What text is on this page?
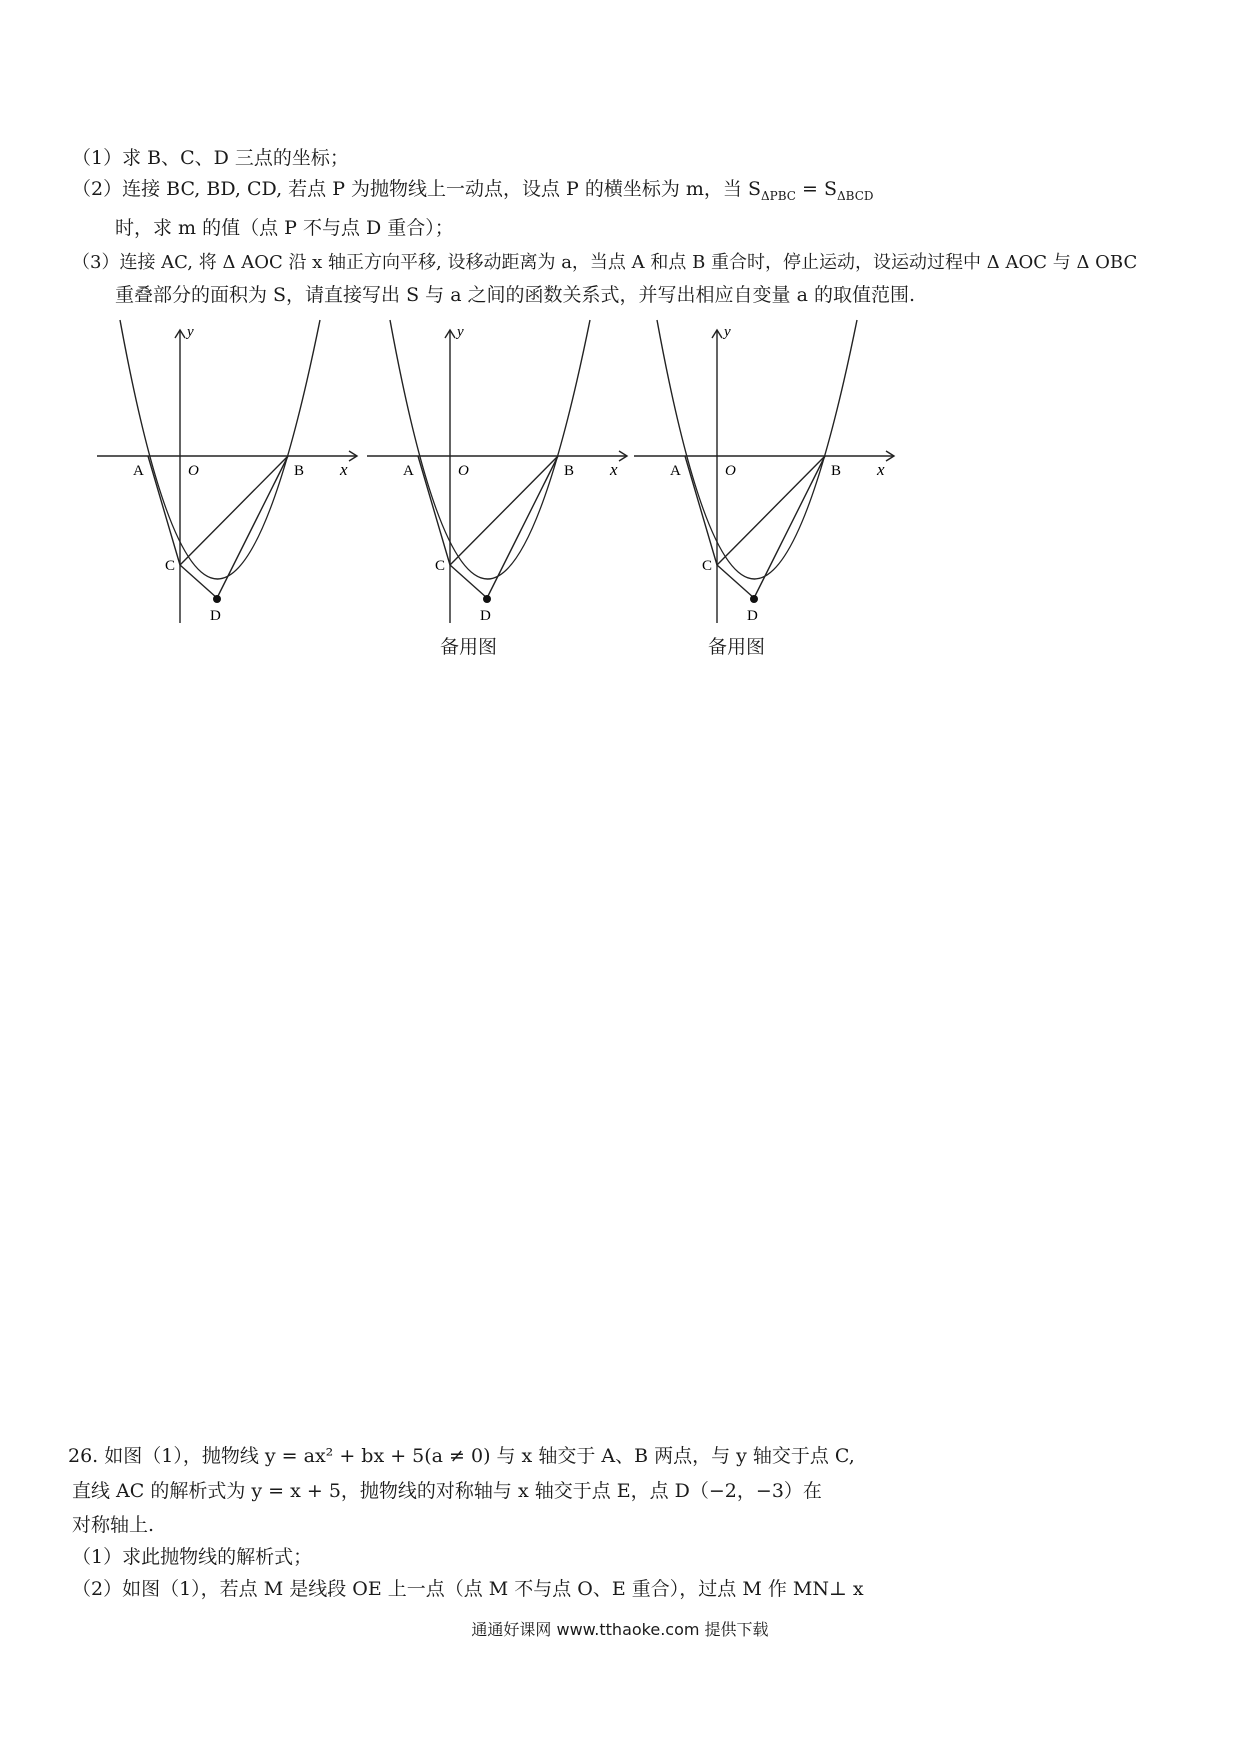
（1）求 B、C、D 三点的坐标；
（2）连接 BC, BD, CD, 若点 P 为抛物线上一动点，设点 P 的横坐标为 m，当 $S_{\Delta PBC} = S_{\Delta BCD}$
时，求 m 的值（点 P 不与点 D 重合）；
（3）连接 AC, 将 Δ AOC 沿 x 轴正方向平移, 设移动距离为 a，当点 A 和点 B 重合时，停止运动，设运动过程中 Δ AOC 与 Δ OBC
重叠部分的面积为 S，请直接写出 S 与 a 之间的函数关系式，并写出相应自变量 a 的取值范围.
A	O	B x
y
C
D
A	O	B x
y
C
D
A	O	B x
y
C
D
备用图	备用图
26. 如图（1），抛物线 y = ax² + bx + 5(a ≠ 0) 与 x 轴交于 A、B 两点，与 y 轴交于点 C,
直线 AC 的解析式为 y = x + 5，抛物线的对称轴与 x 轴交于点 E，点 D（−2，−3）在
对称轴上.
（1）求此抛物线的解析式；
（2）如图（1），若点 M 是线段 OE 上一点（点 M 不与点 O、E 重合），过点 M 作 MN⊥ x
通通好课网 www.tthaoke.com 提供下载
